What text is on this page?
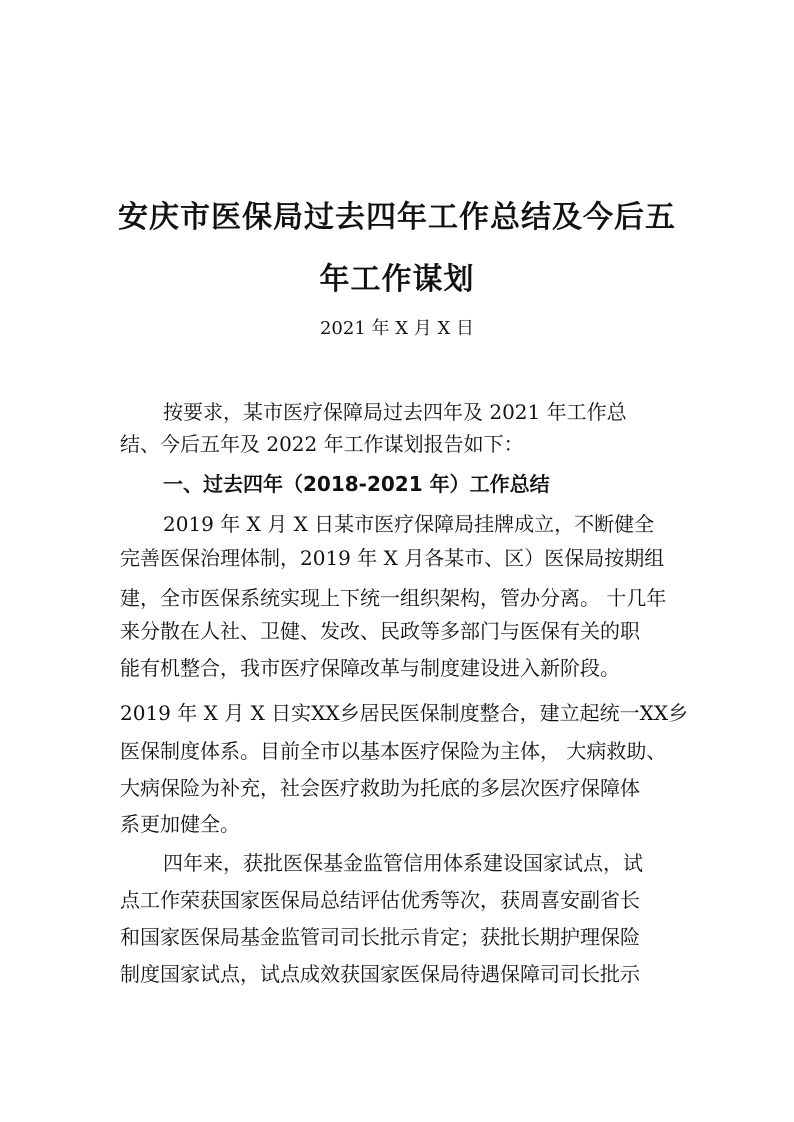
安庆市医保局过去四年工作总结及今后五
年工作谋划
2021 年 X 月 X 日
按要求，某市医疗保障局过去四年及 2021 年工作总
结、今后五年及 2022 年工作谋划报告如下：
一、过去四年（2018-2021 年）工作总结
2019 年 X 月 X 日某市医疗保障局挂牌成立，不断健全
完善医保治理体制，2019 年 X 月各某市、区）医保局按期组
建，全市医保系统实现上下统一组织架构，管办分离。 十几年
来分散在人社、卫健、发改、民政等多部门与医保有关的职
能有机整合，我市医疗保障改革与制度建设进入新阶段。
2019 年 X 月 X 日实XX乡居民医保制度整合，建立起统一XX乡
医保制度体系。目前全市以基本医疗保险为主体， 大病救助、
大病保险为补充，社会医疗救助为托底的多层次医疗保障体
系更加健全。
四年来，获批医保基金监管信用体系建设国家试点，试
点工作荣获国家医保局总结评估优秀等次，获周喜安副省长
和国家医保局基金监管司司长批示肯定；获批长期护理保险
制度国家试点，试点成效获国家医保局待遇保障司司长批示
